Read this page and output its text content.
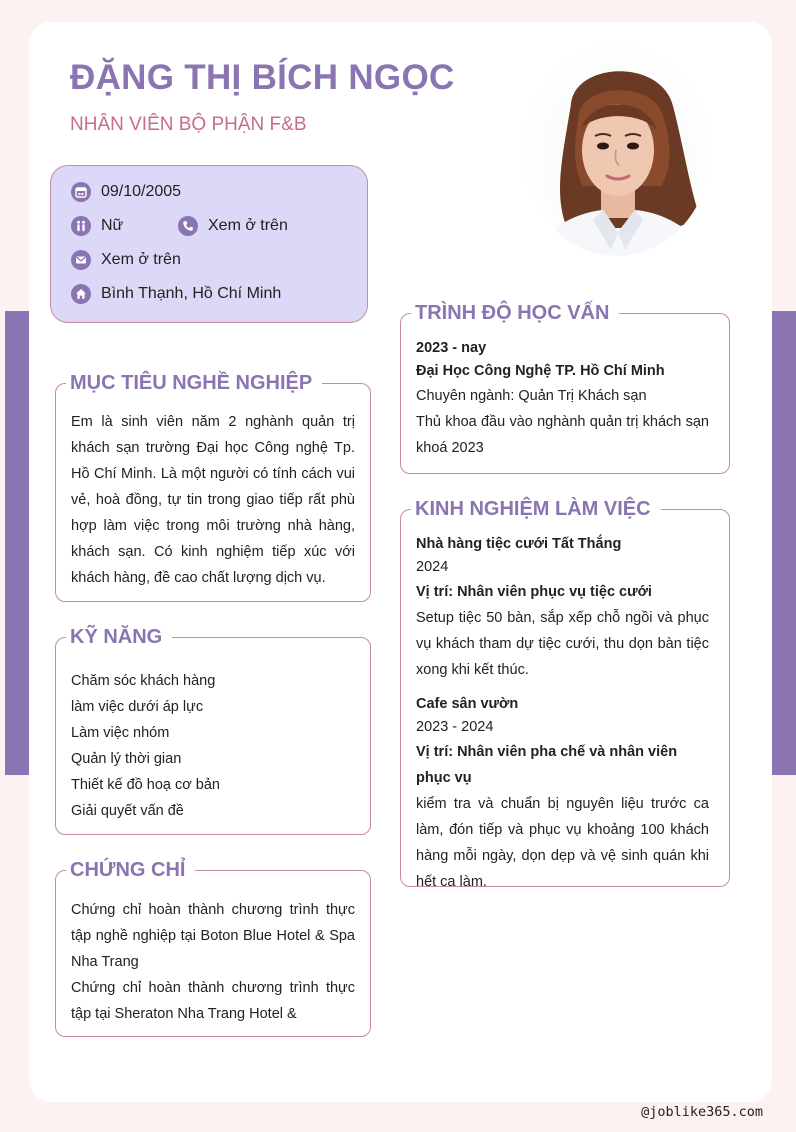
ĐẶNG THỊ BÍCH NGỌC
NHÂN VIÊN BỘ PHẬN F&B
09/10/2005
Nữ	Xem ở trên
Xem ở trên
Bình Thạnh, Hồ Chí Minh
MỤC TIÊU NGHỀ NGHIỆP

Em là sinh viên năm 2 nghành quản trị khách sạn trường Đại học Công nghệ Tp. Hồ Chí Minh. Là một người có tính cách vui vẻ, hoà đồng, tự tin trong giao tiếp rất phù hợp làm việc trong môi trường nhà hàng, khách sạn. Có kinh nghiệm tiếp xúc với khách hàng, đề cao chất lượng dịch vụ.

KỸ NĂNG

Chăm sóc khách hàng

làm việc dưới áp lực

Làm việc nhóm

Quản lý thời gian

Thiết kế đồ hoạ cơ bản

Giải quyết vấn đề

CHỨNG CHỈ

Chứng chỉ hoàn thành chương trình thực tập nghề nghiệp tại Boton Blue Hotel & Spa Nha Trang

Chứng chỉ hoàn thành chương trình thực tập tại Sheraton Nha Trang Hotel &

TRÌNH ĐỘ HỌC VẤN

2023 - nay

Đại Học Công Nghệ TP. Hồ Chí Minh

Chuyên ngành: Quản Trị Khách sạn

Thủ khoa đầu vào nghành quản trị khách sạn khoá 2023

KINH NGHIỆM LÀM VIỆC

Nhà hàng tiệc cưới Tất Thắng

2024

Vị trí: Nhân viên phục vụ tiệc cưới

Setup tiệc 50 bàn, sắp xếp chỗ ngồi và phục vụ khách tham dự tiệc cưới, thu dọn bàn tiệc xong khi kết thúc.

Cafe sân vườn

2023 - 2024

Vị trí: Nhân viên pha chế và nhân viên phục vụ

kiểm tra và chuẩn bị nguyên liệu trước ca làm, đón tiếp và phục vụ khoảng 100 khách hàng mỗi ngày, dọn dẹp và vệ sinh quán khi hết ca làm.

@joblike365.com
